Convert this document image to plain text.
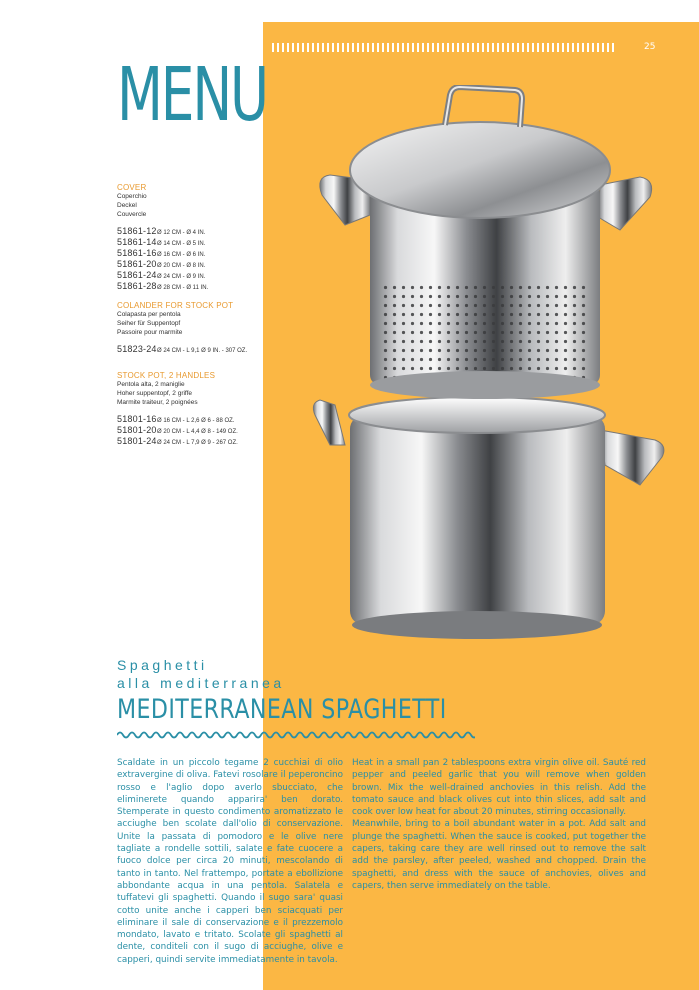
25
MENU
COVER
Coperchio
Deckel
Couvercle
51861-12 Ø 12 CM - Ø 4 IN.
51861-14 Ø 14 CM - Ø 5 IN.
51861-16 Ø 16 CM - Ø 6 IN.
51861-20 Ø 20 CM - Ø 8 IN.
51861-24 Ø 24 CM - Ø 9 IN.
51861-28 Ø 28 CM - Ø 11 IN.
COLANDER FOR STOCK POT
Colapasta per pentola
Seiher für Suppentopf
Passoire pour marmite
51823-24 Ø 24 CM - L 9,1 Ø 9 IN. - 307 OZ.
STOCK POT, 2 HANDLES
Pentola alta, 2 maniglie
Hoher suppentopf, 2 griffe
Marmite traiteur, 2 poignées
51801-16 Ø 16 CM - L 2,6 Ø 6 - 88 OZ.
51801-20 Ø 20 CM - L 4,4 Ø 8 - 149 OZ.
51801-24 Ø 24 CM - L 7,9 Ø 9 - 267 OZ.
Spaghetti
alla mediterranea
MEDITERRANEAN SPAGHETTI

Scaldate in un piccolo tegame 2 cucchiai di olio extravergine di oliva. Fatevi rosolare il peperoncino rosso e l'aglio dopo averlo sbucciato, che eliminerete quando apparira' ben dorato. Stemperate in questo condimento aromatizzato le acciughe ben scolate dall'olio di conservazione. Unite la passata di pomodoro e le olive nere tagliate a rondelle sottili, salate e fate cuocere a fuoco dolce per circa 20 minuti, mescolando di tanto in tanto. Nel frattempo, portate a ebollizione abbondante acqua in una pentola. Salatela e tuffatevi gli spaghetti. Quando il sugo sara' quasi cotto unite anche i capperi ben sciacquati per eliminare il sale di conservazione e il prezzemolo mondato, lavato e tritato. Scolate gli spaghetti al dente, conditeli con il sugo di acciughe, olive e capperi, quindi servite immediatamente in tavola.

Heat in a small pan 2 tablespoons extra virgin olive oil. Sauté red pepper and peeled garlic that you will remove when golden brown. Mix the well-drained anchovies in this relish. Add the tomato sauce and black olives cut into thin slices, add salt and cook over low heat for about 20 minutes, stirring occasionally.

Meanwhile, bring to a boil abundant water in a pot. Add salt and plunge the spaghetti. When the sauce is cooked, put together the capers, taking care they are well rinsed out to remove the salt add the parsley, after peeled, washed and chopped. Drain the spaghetti, and dress with the sauce of anchovies, olives and capers, then serve immediately on the table.
